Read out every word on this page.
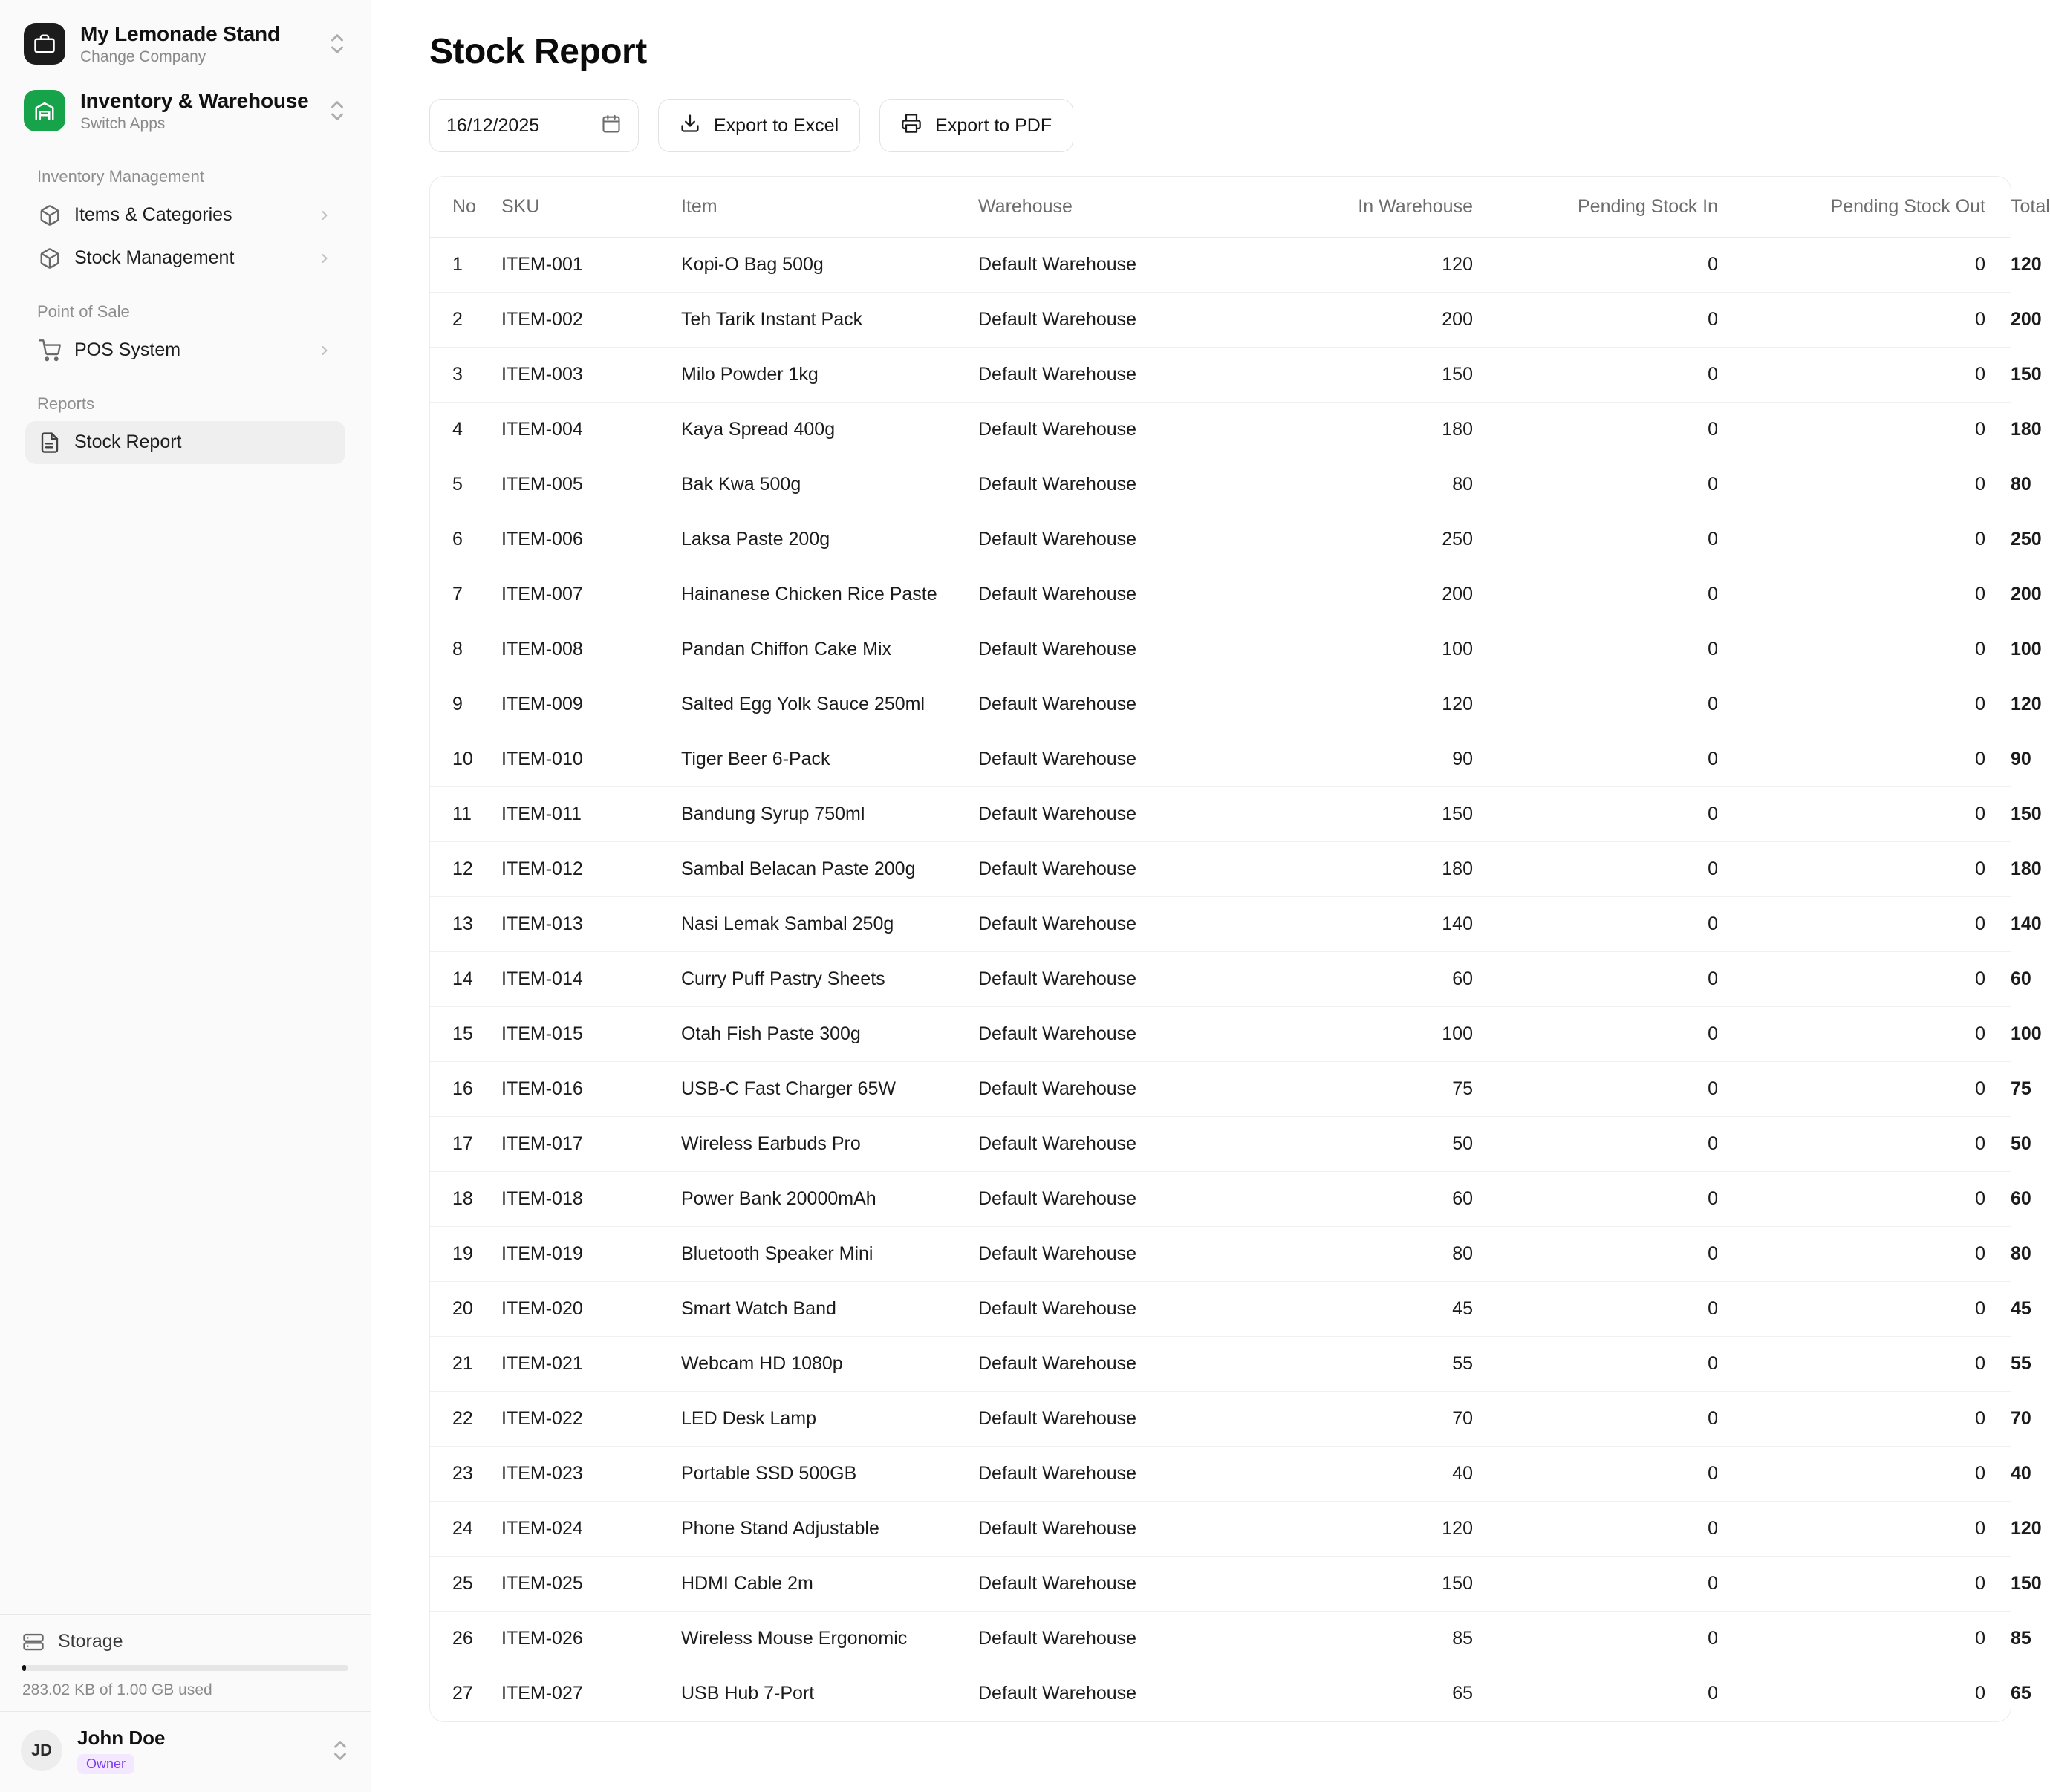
My Lemonade Stand Change Company
Inventory & Warehouse Switch Apps
Inventory Management
Items & Categories
Stock Management
Point of Sale
POS System
Reports
Stock Report
Storage
283.02 KB of 1.00 GB used
JD
John Doe
Owner
Stock Report
16/12/2025	Export to Excel	Export to PDF
No	SKU	Item	Warehouse	In Warehouse	Pending Stock In	Pending Stock Out	Total
1	ITEM-001	Kopi-O Bag 500g	Default Warehouse	120	0	0	120
2	ITEM-002	Teh Tarik Instant Pack	Default Warehouse	200	0	0	200
3	ITEM-003	Milo Powder 1kg	Default Warehouse	150	0	0	150
4	ITEM-004	Kaya Spread 400g	Default Warehouse	180	0	0	180
5	ITEM-005	Bak Kwa 500g	Default Warehouse	80	0	0	80
6	ITEM-006	Laksa Paste 200g	Default Warehouse	250	0	0	250
7	ITEM-007	Hainanese Chicken Rice Paste	Default Warehouse	200	0	0	200
8	ITEM-008	Pandan Chiffon Cake Mix	Default Warehouse	100	0	0	100
9	ITEM-009	Salted Egg Yolk Sauce 250ml	Default Warehouse	120	0	0	120
10	ITEM-010	Tiger Beer 6-Pack	Default Warehouse	90	0	0	90
11	ITEM-011	Bandung Syrup 750ml	Default Warehouse	150	0	0	150
12	ITEM-012	Sambal Belacan Paste 200g	Default Warehouse	180	0	0	180
13	ITEM-013	Nasi Lemak Sambal 250g	Default Warehouse	140	0	0	140
14	ITEM-014	Curry Puff Pastry Sheets	Default Warehouse	60	0	0	60
15	ITEM-015	Otah Fish Paste 300g	Default Warehouse	100	0	0	100
16	ITEM-016	USB-C Fast Charger 65W	Default Warehouse	75	0	0	75
17	ITEM-017	Wireless Earbuds Pro	Default Warehouse	50	0	0	50
18	ITEM-018	Power Bank 20000mAh	Default Warehouse	60	0	0	60
19	ITEM-019	Bluetooth Speaker Mini	Default Warehouse	80	0	0	80
20	ITEM-020	Smart Watch Band	Default Warehouse	45	0	0	45
21	ITEM-021	Webcam HD 1080p	Default Warehouse	55	0	0	55
22	ITEM-022	LED Desk Lamp	Default Warehouse	70	0	0	70
23	ITEM-023	Portable SSD 500GB	Default Warehouse	40	0	0	40
24	ITEM-024	Phone Stand Adjustable	Default Warehouse	120	0	0	120
25	ITEM-025	HDMI Cable 2m	Default Warehouse	150	0	0	150
26	ITEM-026	Wireless Mouse Ergonomic	Default Warehouse	85	0	0	85
27	ITEM-027	USB Hub 7-Port	Default Warehouse	65	0	0	65
